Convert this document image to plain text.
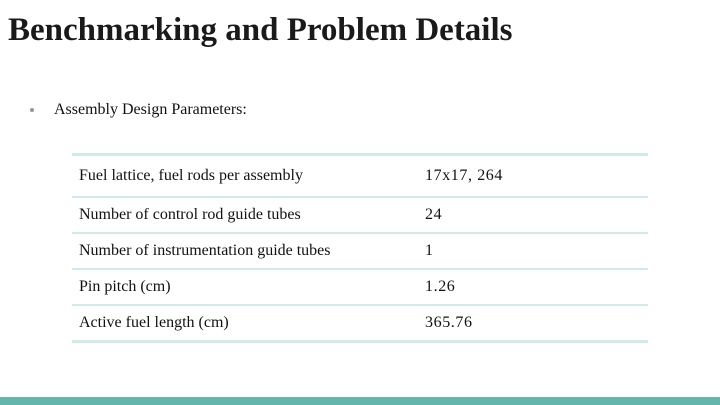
Benchmarking and Problem Details
Assembly Design Parameters:
Fuel lattice, fuel rods per assembly	17x17, 264
Number of control rod guide tubes	24
Number of instrumentation guide tubes	1
Pin pitch (cm)	1.26
Active fuel length (cm)	365.76
